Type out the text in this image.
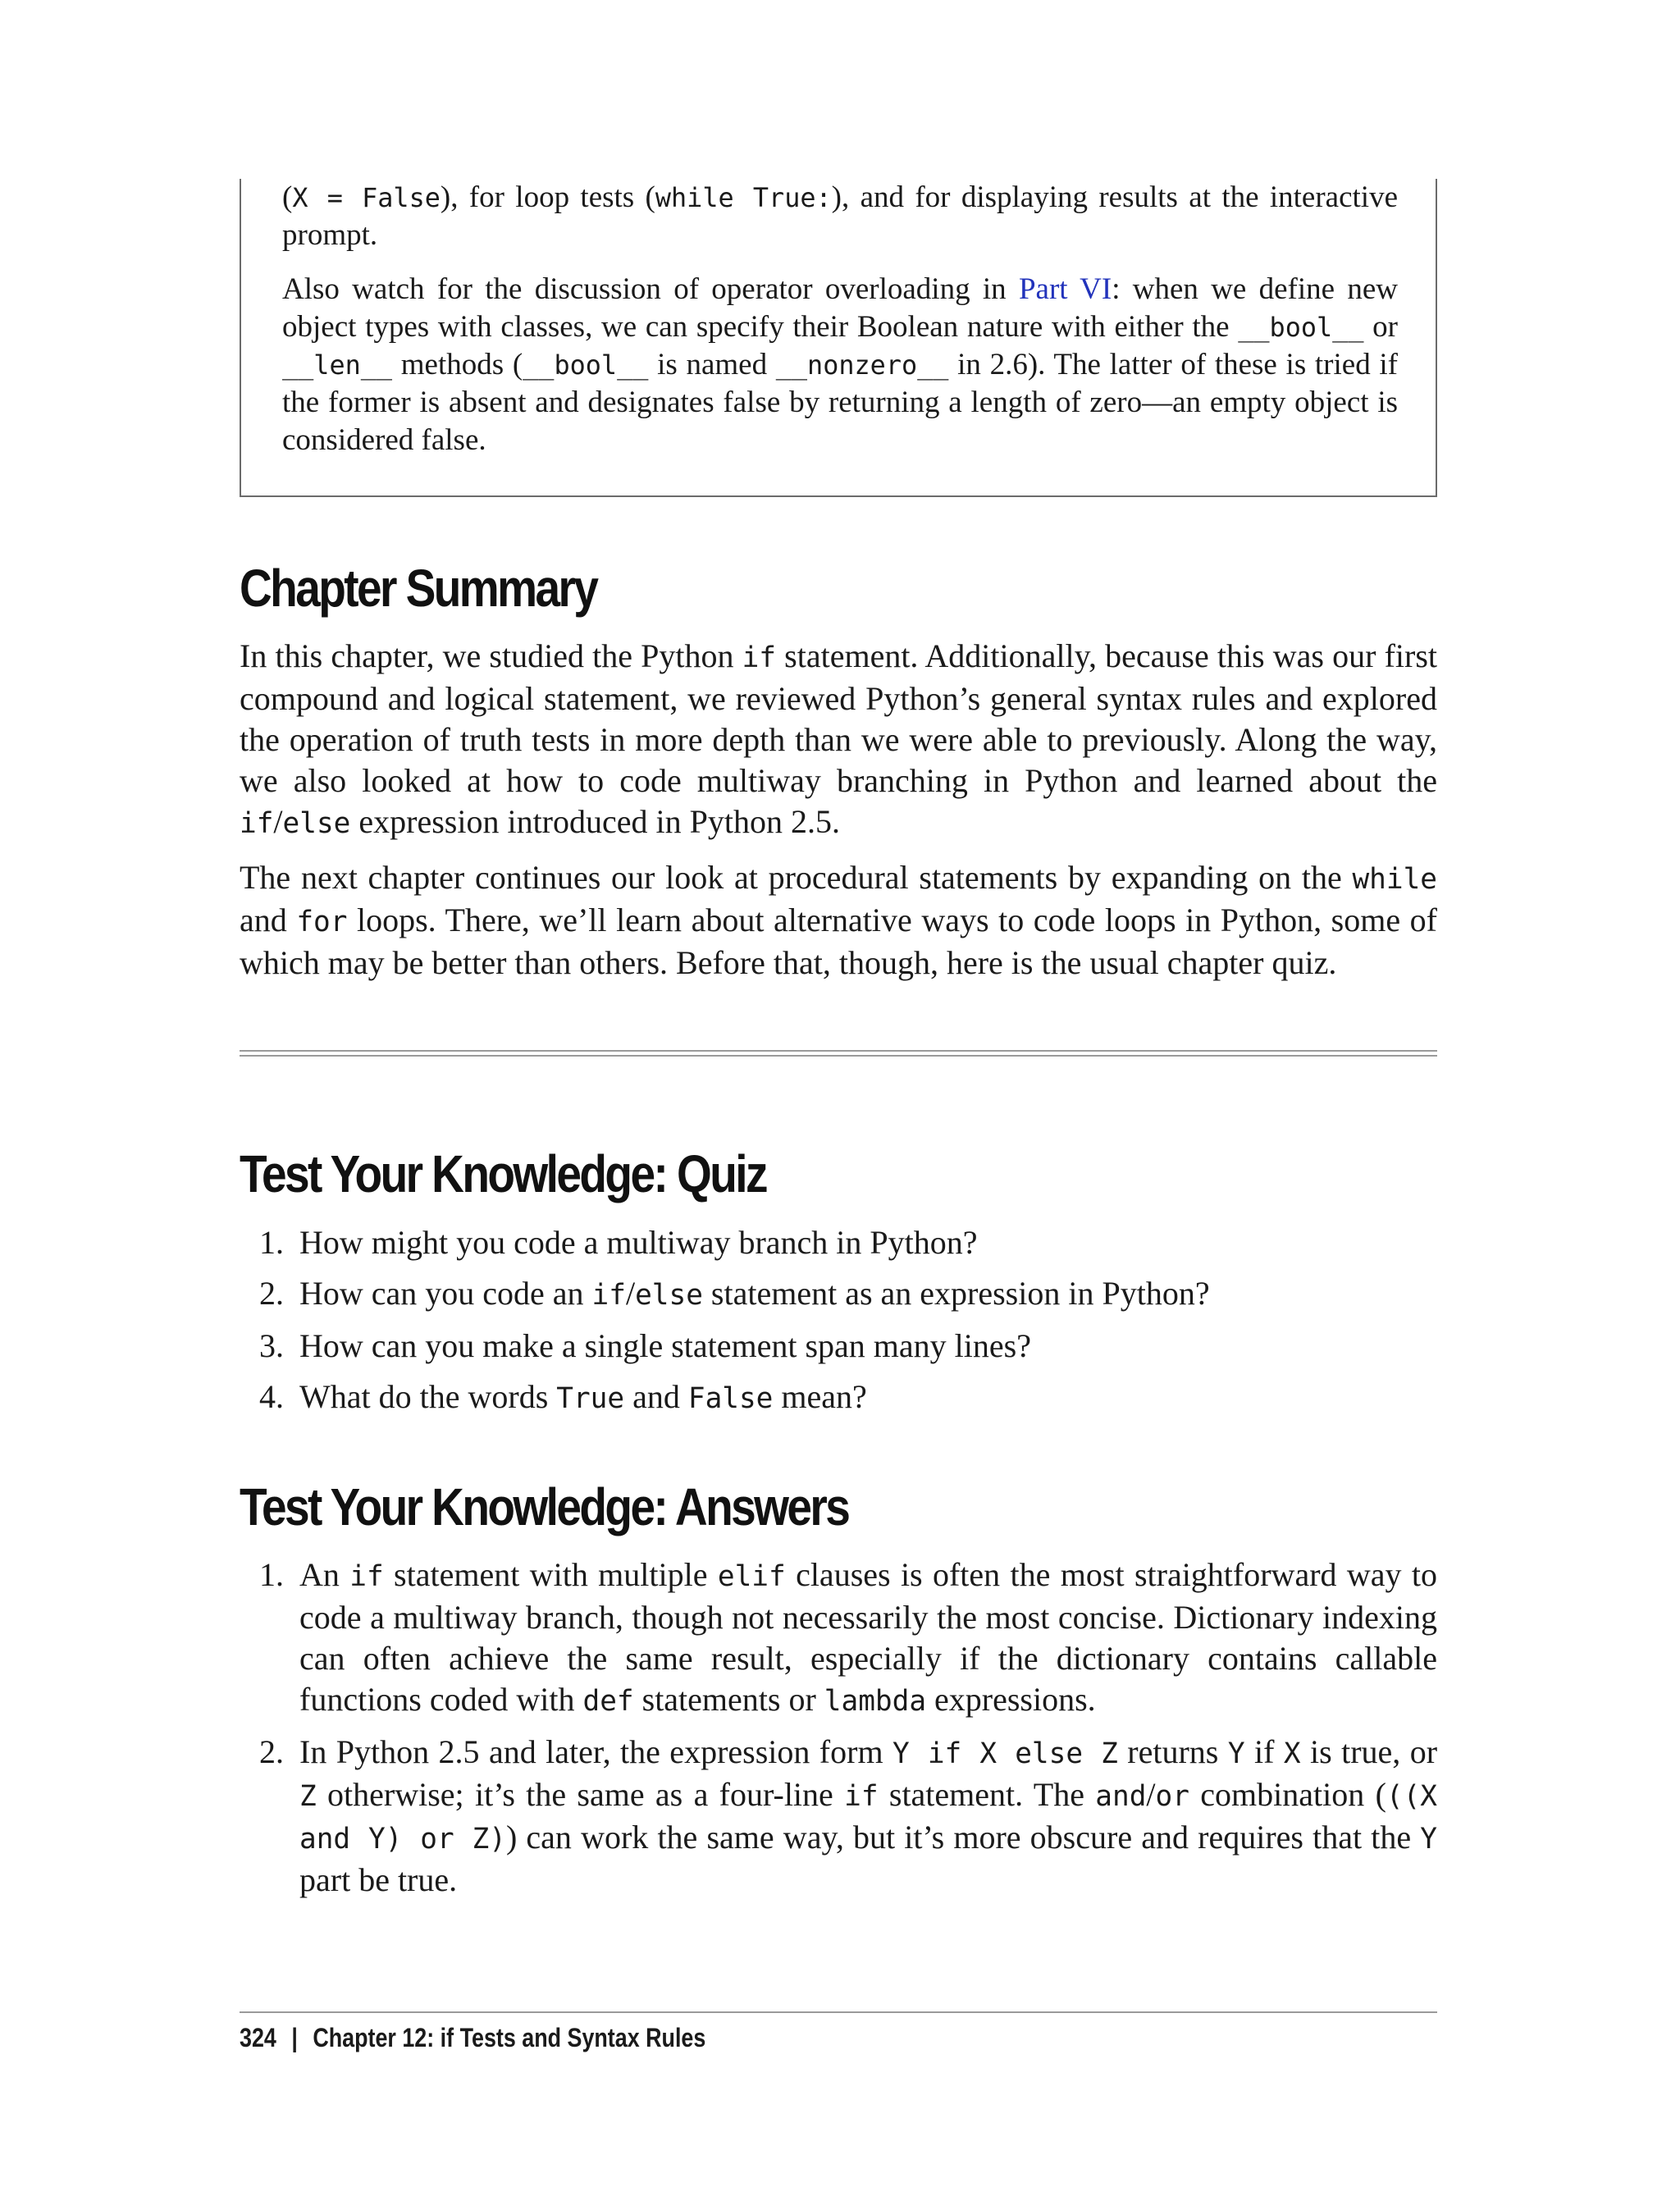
(X = False), for loop tests (while True:), and for displaying results at the interactive prompt.

Also watch for the discussion of operator overloading in Part VI: when we define new object types with classes, we can specify their Boolean nature with either the __bool__ or __len__ methods (__bool__ is named __nonzero__ in 2.6). The latter of these is tried if the former is absent and designates false by returning a length of zero—an empty object is considered false.

Chapter Summary

In this chapter, we studied the Python if statement. Additionally, because this was our first compound and logical statement, we reviewed Python’s general syntax rules and explored the operation of truth tests in more depth than we were able to previously. Along the way, we also looked at how to code multiway branching in Python and learned about the if/else expression introduced in Python 2.5.

The next chapter continues our look at procedural statements by expanding on the while and for loops. There, we’ll learn about alternative ways to code loops in Python, some of which may be better than others. Before that, though, here is the usual chapter quiz.

Test Your Knowledge: Quiz
1. How might you code a multiway branch in Python?
2. How can you code an if/else statement as an expression in Python?
3. How can you make a single statement span many lines?
4. What do the words True and False mean?
Test Your Knowledge: Answers
1. An if statement with multiple elif clauses is often the most straightforward way to code a multiway branch, though not necessarily the most concise. Dictionary indexing can often achieve the same result, especially if the dictionary contains callable functions coded with def statements or lambda expressions.
2. In Python 2.5 and later, the expression form Y if X else Z returns Y if X is true, or Z otherwise; it’s the same as a four-line if statement. The and/or combination (((X and Y) or Z)) can work the same way, but it’s more obscure and requires that the Y part be true.
324 | Chapter 12: if Tests and Syntax Rules
